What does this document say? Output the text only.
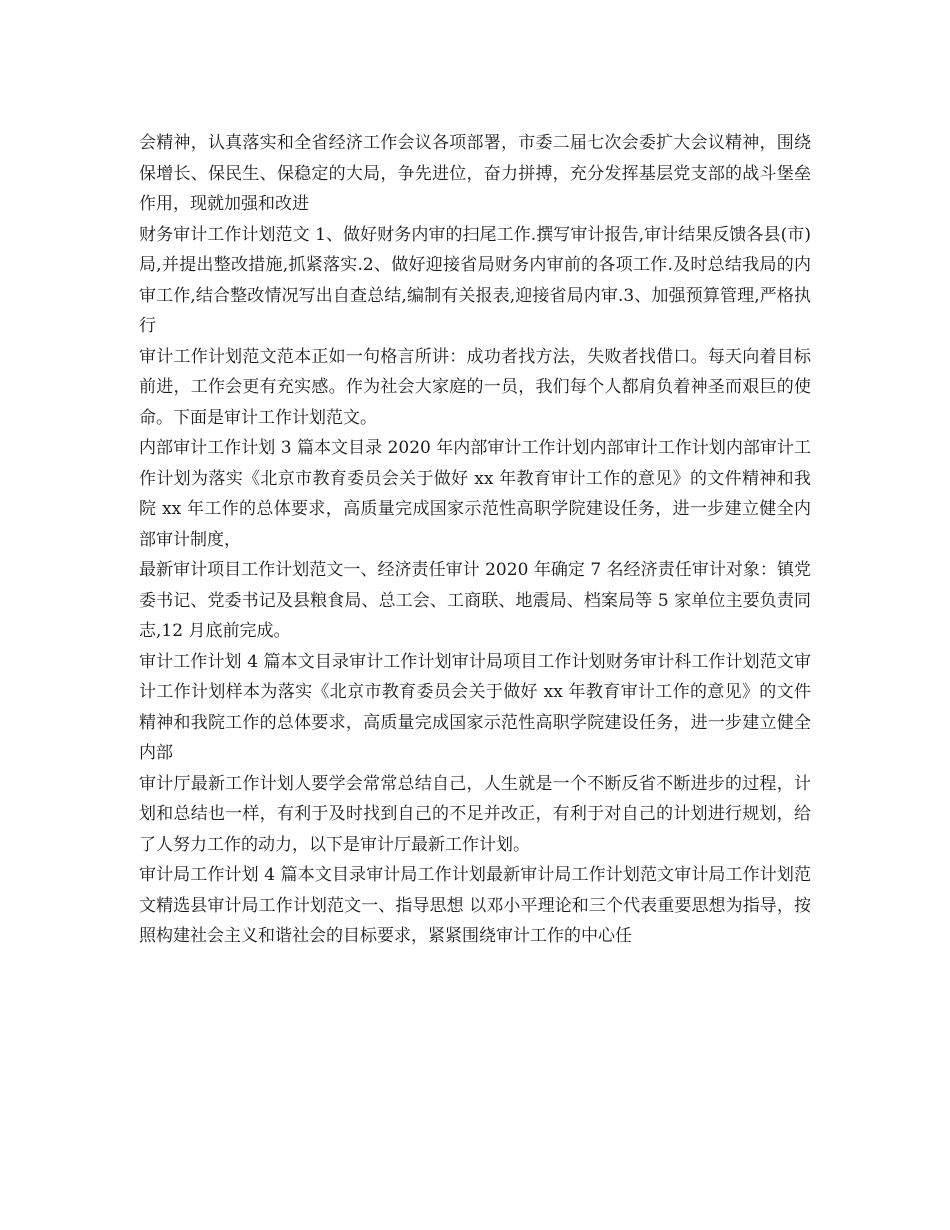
会精神，认真落实和全省经济工作会议各项部署，市委二届七次会委扩大会议精神，围绕保增长、保民生、保稳定的大局，争先进位，奋力拼搏，充分发挥基层党支部的战斗堡垒作用，现就加强和改进

财务审计工作计划范文 1、做好财务内审的扫尾工作.撰写审计报告,审计结果反馈各县(市)局,并提出整改措施,抓紧落实.2、做好迎接省局财务内审前的各项工作.及时总结我局的内审工作,结合整改情况写出自查总结,编制有关报表,迎接省局内审.3、加强预算管理,严格执行

审计工作计划范文范本正如一句格言所讲：成功者找方法，失败者找借口。每天向着目标前进，工作会更有充实感。作为社会大家庭的一员，我们每个人都肩负着神圣而艰巨的使命。下面是审计工作计划范文。

内部审计工作计划 3 篇本文目录 2020 年内部审计工作计划内部审计工作计划内部审计工作计划为落实《北京市教育委员会关于做好 xx 年教育审计工作的意见》的文件精神和我院 xx 年工作的总体要求，高质量完成国家示范性高职学院建设任务，进一步建立健全内部审计制度，

最新审计项目工作计划范文一、经济责任审计 2020 年确定 7 名经济责任审计对象：镇党委书记、党委书记及县粮食局、总工会、工商联、地震局、档案局等 5 家单位主要负责同志,12 月底前完成。

审计工作计划 4 篇本文目录审计工作计划审计局项目工作计划财务审计科工作计划范文审计工作计划样本为落实《北京市教育委员会关于做好 xx 年教育审计工作的意见》的文件精神和我院工作的总体要求，高质量完成国家示范性高职学院建设任务，进一步建立健全内部

审计厅最新工作计划人要学会常常总结自己，人生就是一个不断反省不断进步的过程，计划和总结也一样，有利于及时找到自己的不足并改正，有利于对自己的计划进行规划，给了人努力工作的动力，以下是审计厅最新工作计划。

审计局工作计划 4 篇本文目录审计局工作计划最新审计局工作计划范文审计局工作计划范文精选县审计局工作计划范文一、指导思想 以邓小平理论和三个代表重要思想为指导，按照构建社会主义和谐社会的目标要求，紧紧围绕审计工作的中心任
